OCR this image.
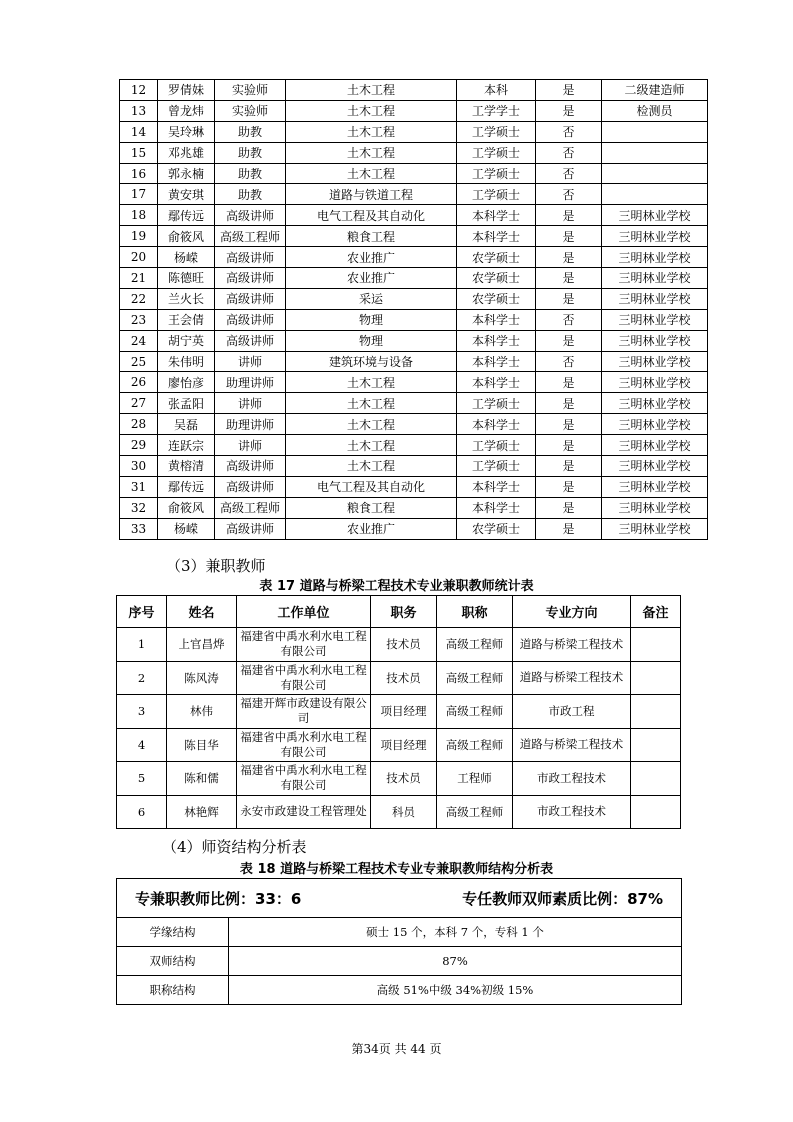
12	罗倩妹	实验师	土木工程	本科	是	二级建造师
13	曾龙炜	实验师	土木工程	工学学士	是	检测员
14	吴玲琳	助教	土木工程	工学硕士	否	
15	邓兆雄	助教	土木工程	工学硕士	否	
16	郭永楠	助教	土木工程	工学硕士	否	
17	黄安琪	助教	道路与铁道工程	工学硕士	否	
18	鄢传远	高级讲师	电气工程及其自动化	本科学士	是	三明林业学校
19	俞筱风	高级工程师	粮食工程	本科学士	是	三明林业学校
20	杨嵘	高级讲师	农业推广	农学硕士	是	三明林业学校
21	陈德旺	高级讲师	农业推广	农学硕士	是	三明林业学校
22	兰火长	高级讲师	采运	农学硕士	是	三明林业学校
23	王会倩	高级讲师	物理	本科学士	否	三明林业学校
24	胡宁英	高级讲师	物理	本科学士	是	三明林业学校
25	朱伟明	讲师	建筑环境与设备	本科学士	否	三明林业学校
26	廖怡彦	助理讲师	土木工程	本科学士	是	三明林业学校
27	张孟阳	讲师	土木工程	工学硕士	是	三明林业学校
28	吴磊	助理讲师	土木工程	本科学士	是	三明林业学校
29	连跃宗	讲师	土木工程	工学硕士	是	三明林业学校
30	黄榕清	高级讲师	土木工程	工学硕士	是	三明林业学校
31	鄢传远	高级讲师	电气工程及其自动化	本科学士	是	三明林业学校
32	俞筱风	高级工程师	粮食工程	本科学士	是	三明林业学校
33	杨嵘	高级讲师	农业推广	农学硕士	是	三明林业学校
（3）兼职教师
表 17 道路与桥梁工程技术专业兼职教师统计表
序号	姓名	工作单位	职务	职称	专业方向	备注
1	上官昌烨	福建省中禹水利水电工程有限公司	技术员	高级工程师	道路与桥梁工程技术	
2	陈风涛	福建省中禹水利水电工程有限公司	技术员	高级工程师	道路与桥梁工程技术	
3	林伟	福建开辉市政建设有限公司	项目经理	高级工程师	市政工程	
4	陈目华	福建省中禹水利水电工程有限公司	项目经理	高级工程师	道路与桥梁工程技术	
5	陈和儒	福建省中禹水利水电工程有限公司	技术员	工程师	市政工程技术	
6	林艳辉	永安市政建设工程管理处	科员	高级工程师	市政工程技术	
（4）师资结构分析表
表 18 道路与桥梁工程技术专业专兼职教师结构分析表
专兼职教师比例：33：6 专任教师双师素质比例：87%	

学缘结构	硕士 15 个，本科 7 个，专科 1 个
双师结构	87%
职称结构	高级 51%中级 34%初级 15%
第34页 共 44 页
